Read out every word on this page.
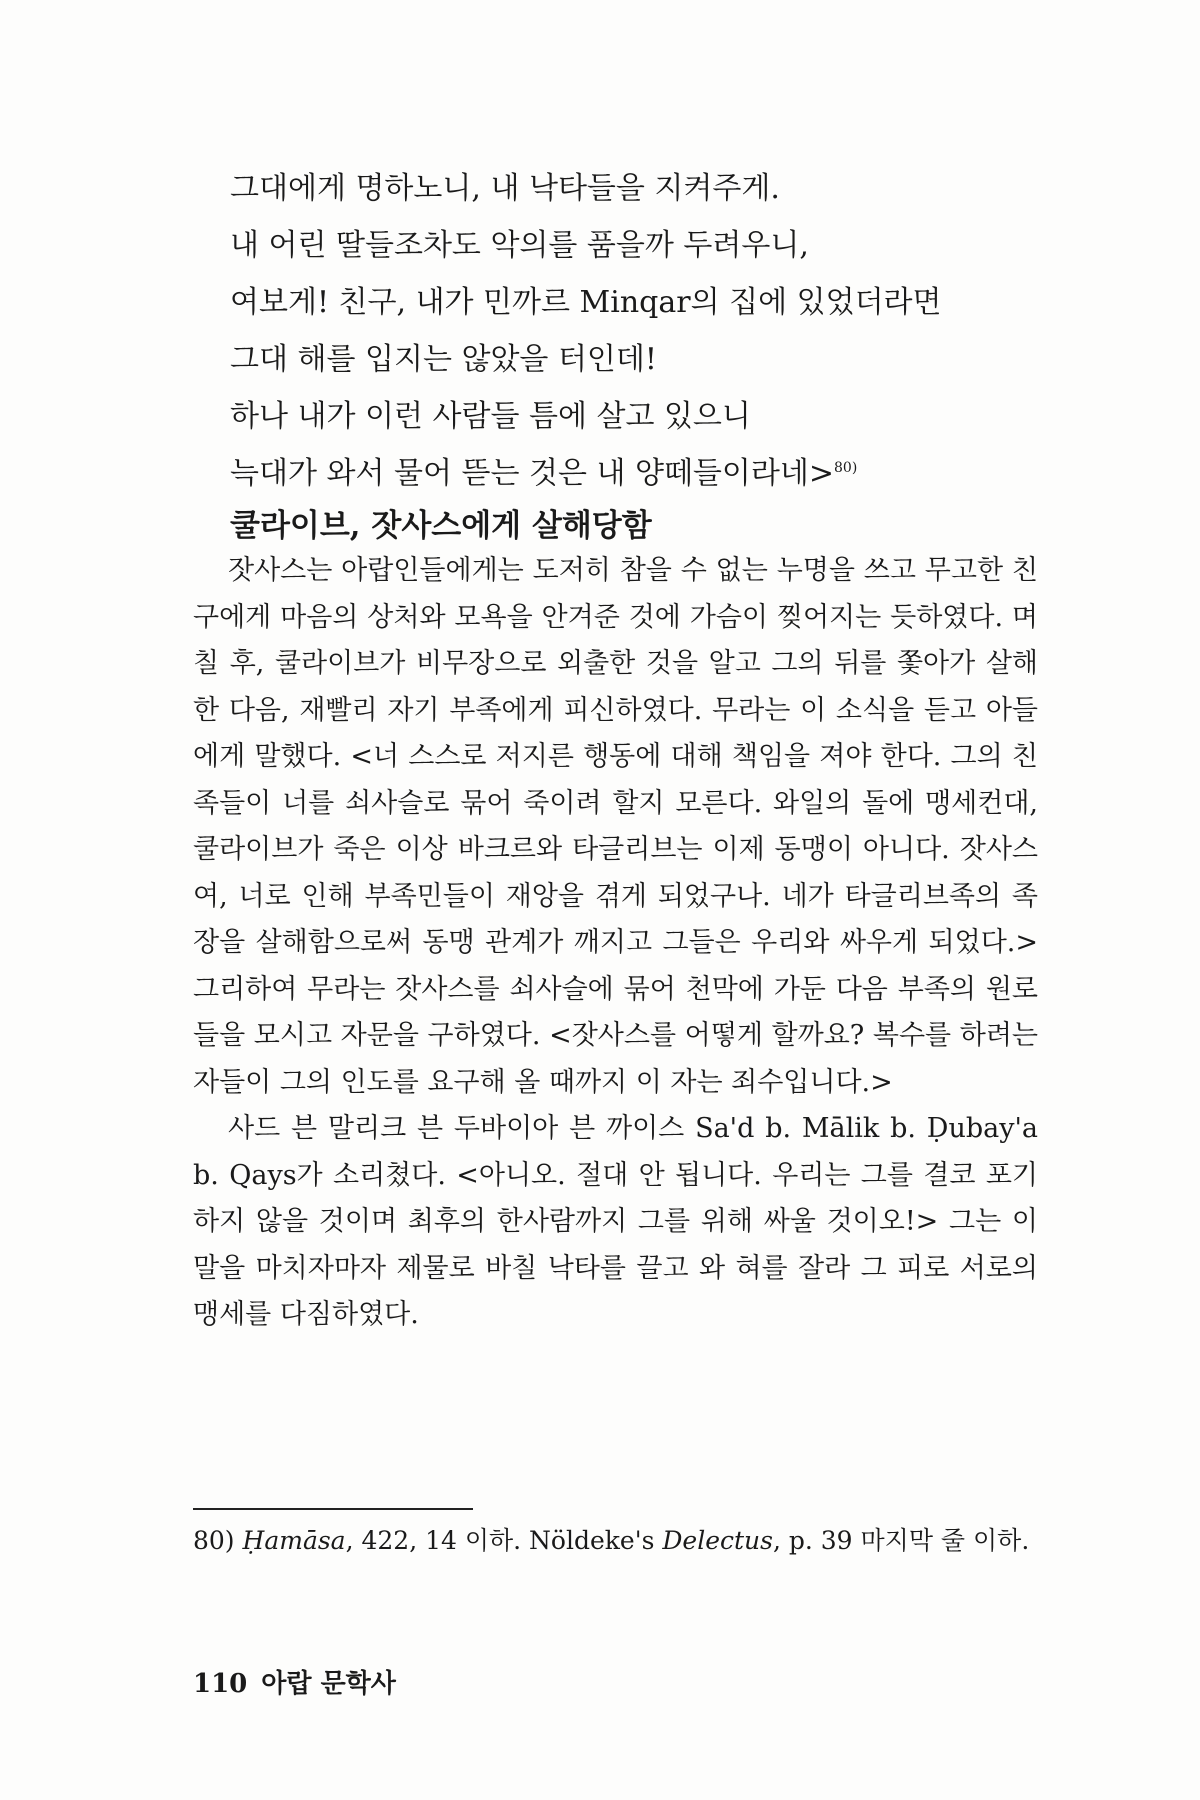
그대에게 명하노니, 내 낙타들을 지켜주게.
내 어린 딸들조차도 악의를 품을까 두려우니,
여보게! 친구, 내가 민까르 Minqar의 집에 있었더라면
그대 해를 입지는 않았을 터인데!
하나 내가 이런 사람들 틈에 살고 있으니
늑대가 와서 물어 뜯는 것은 내 양떼들이라네>$^{80)}$
쿨라이브, 잣사스에게 살해당함

잣사스는 아랍인들에게는 도저히 참을 수 없는 누명을 쓰고 무고한 친구에게 마음의 상처와 모욕을 안겨준 것에 가슴이 찢어지는 듯하였다. 며칠 후, 쿨라이브가 비무장으로 외출한 것을 알고 그의 뒤를 쫓아가 살해한 다음, 재빨리 자기 부족에게 피신하였다. 무라는 이 소식을 듣고 아들에게 말했다. <너 스스로 저지른 행동에 대해 책임을 져야 한다. 그의 친족들이 너를 쇠사슬로 묶어 죽이려 할지 모른다. 와일의 돌에 맹세컨대, 쿨라이브가 죽은 이상 바크르와 타글리브는 이제 동맹이 아니다. 잣사스여, 너로 인해 부족민들이 재앙을 겪게 되었구나. 네가 타글리브족의 족장을 살해함으로써 동맹 관계가 깨지고 그들은 우리와 싸우게 되었다.> 그리하여 무라는 잣사스를 쇠사슬에 묶어 천막에 가둔 다음 부족의 원로들을 모시고 자문을 구하였다. <잣사스를 어떻게 할까요? 복수를 하려는 자들이 그의 인도를 요구해 올 때까지 이 자는 죄수입니다.>

사드 븐 말리크 븐 두바이아 븐 까이스 Sa'd b. Mālik b. Ḍubay'a b. Qays가 소리쳤다. <아니오. 절대 안 됩니다. 우리는 그를 결코 포기하지 않을 것이며 최후의 한사람까지 그를 위해 싸울 것이오!> 그는 이 말을 마치자마자 제물로 바칠 낙타를 끌고 와 혀를 잘라 그 피로 서로의 맹세를 다짐하였다.

80) Ḥamāsa, 422, 14 이하. Nöldeke's Delectus, p. 39 마지막 줄 이하.
110 아랍 문학사
